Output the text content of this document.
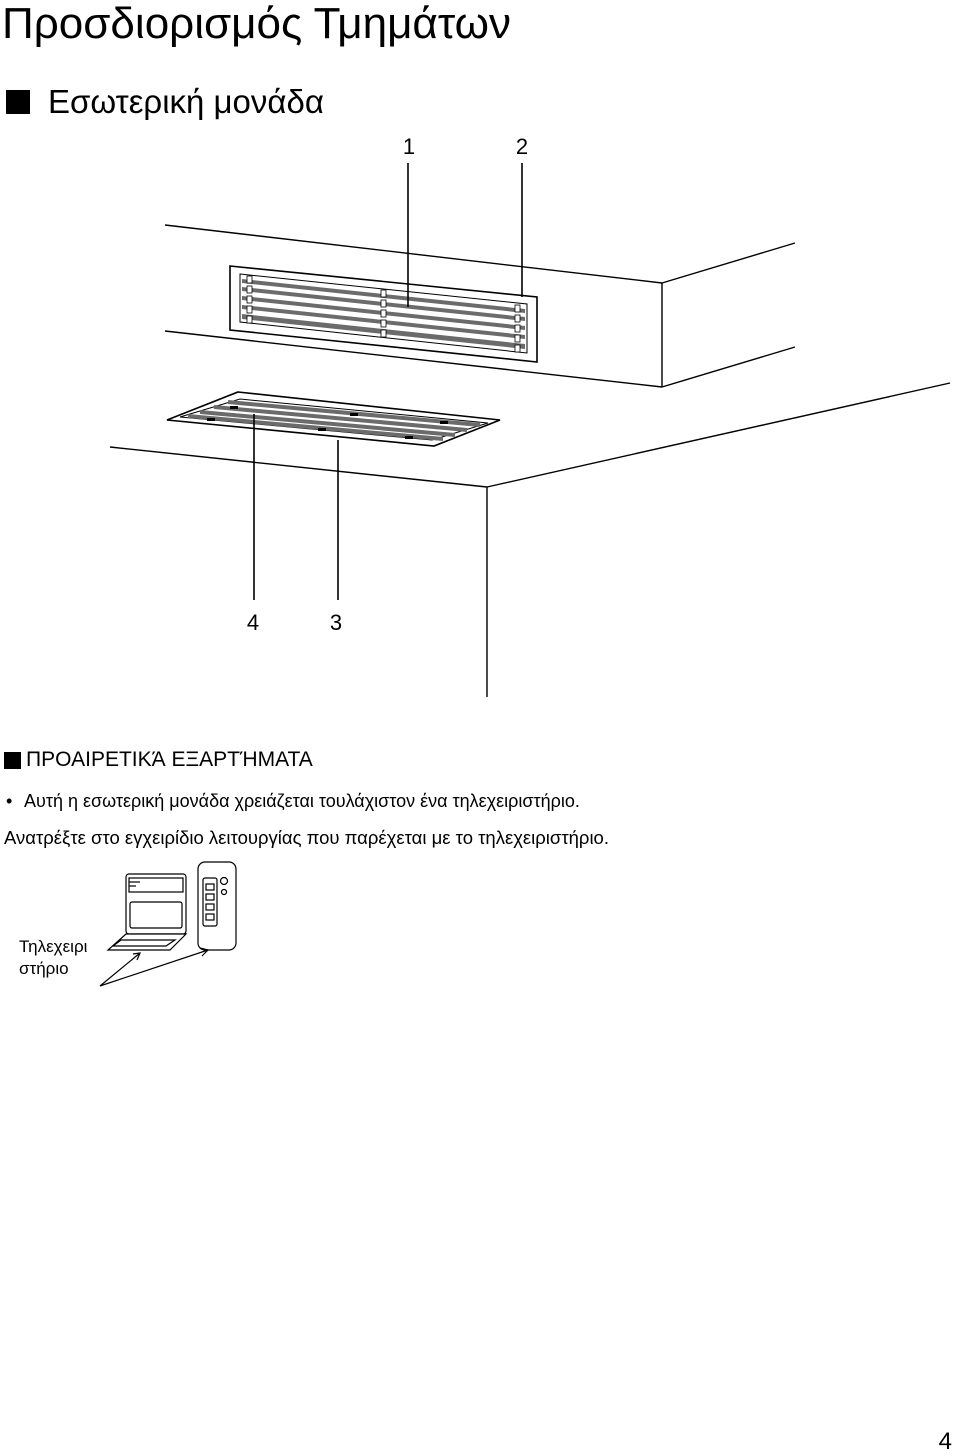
Προσδιορισμός Τμημάτων
Εσωτερική μονάδα
1	2
3
4
ΠΡΟΑΙΡΕΤΙΚΆ ΕΞΑΡΤΉΜΑΤΑ
• Αυτή η εσωτερική μονάδα χρειάζεται τουλάχιστον ένα τηλεχειριστήριο.
Ανατρέξτε στο εγχειρίδιο λειτουργίας που παρέχεται με το τηλεχειριστήριο.
Τηλεχειρι
στήριο
4
